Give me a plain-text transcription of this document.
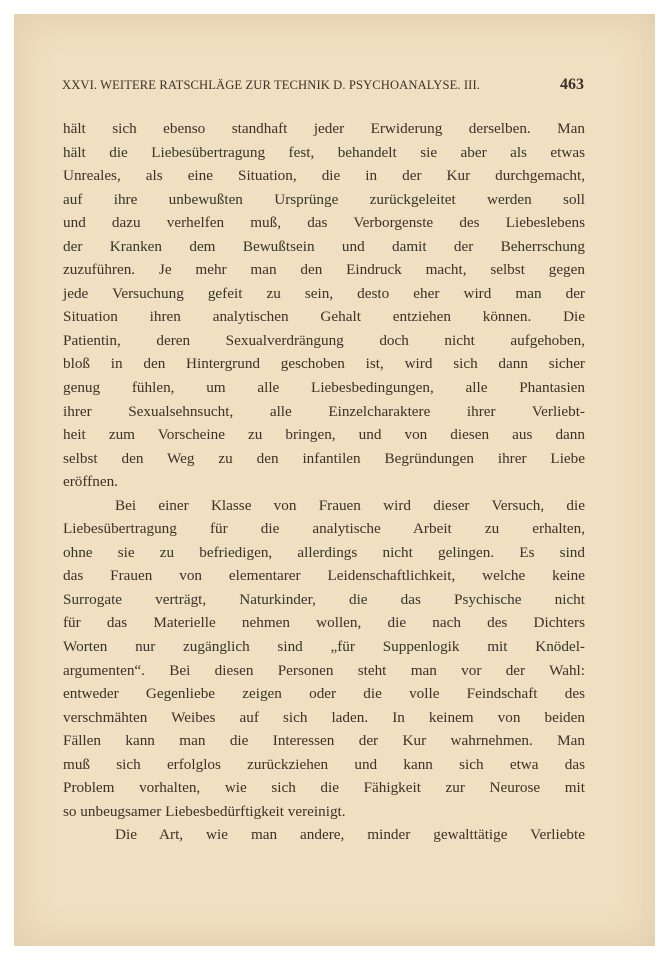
XXVI. WEITERE RATSCHLÄGE ZUR TECHNIK D. PSYCHOANALYSE. III.	463

hält sich ebenso standhaft jeder Erwiderung derselben. Man
hält die Liebesübertragung fest, behandelt sie aber als etwas
Unreales, als eine Situation, die in der Kur durchgemacht,
auf ihre unbewußten Ursprünge zurückgeleitet werden soll
und dazu verhelfen muß, das Verborgenste des Liebeslebens
der Kranken dem Bewußtsein und damit der Beherrschung
zuzuführen. Je mehr man den Eindruck macht, selbst gegen
jede Versuchung gefeit zu sein, desto eher wird man der
Situation ihren analytischen Gehalt entziehen können. Die
Patientin, deren Sexualverdrängung doch nicht aufgehoben,
bloß in den Hintergrund geschoben ist, wird sich dann sicher
genug fühlen, um alle Liebesbedingungen, alle Phantasien
ihrer Sexualsehnsucht, alle Einzelcharaktere ihrer Verliebt-
heit zum Vorscheine zu bringen, und von diesen aus dann
selbst den Weg zu den infantilen Begründungen ihrer Liebe
eröffnen.

Bei einer Klasse von Frauen wird dieser Versuch, die
Liebesübertragung für die analytische Arbeit zu erhalten,
ohne sie zu befriedigen, allerdings nicht gelingen. Es sind
das Frauen von elementarer Leidenschaftlichkeit, welche keine
Surrogate verträgt, Naturkinder, die das Psychische nicht
für das Materielle nehmen wollen, die nach des Dichters
Worten nur zugänglich sind „für Suppenlogik mit Knödel-
argumenten“. Bei diesen Personen steht man vor der Wahl:
entweder Gegenliebe zeigen oder die volle Feindschaft des
verschmähten Weibes auf sich laden. In keinem von beiden
Fällen kann man die Interessen der Kur wahrnehmen. Man
muß sich erfolglos zurückziehen und kann sich etwa das
Problem vorhalten, wie sich die Fähigkeit zur Neurose mit
so unbeugsamer Liebesbedürftigkeit vereinigt.

Die Art, wie man andere, minder gewalttätige Verliebte
